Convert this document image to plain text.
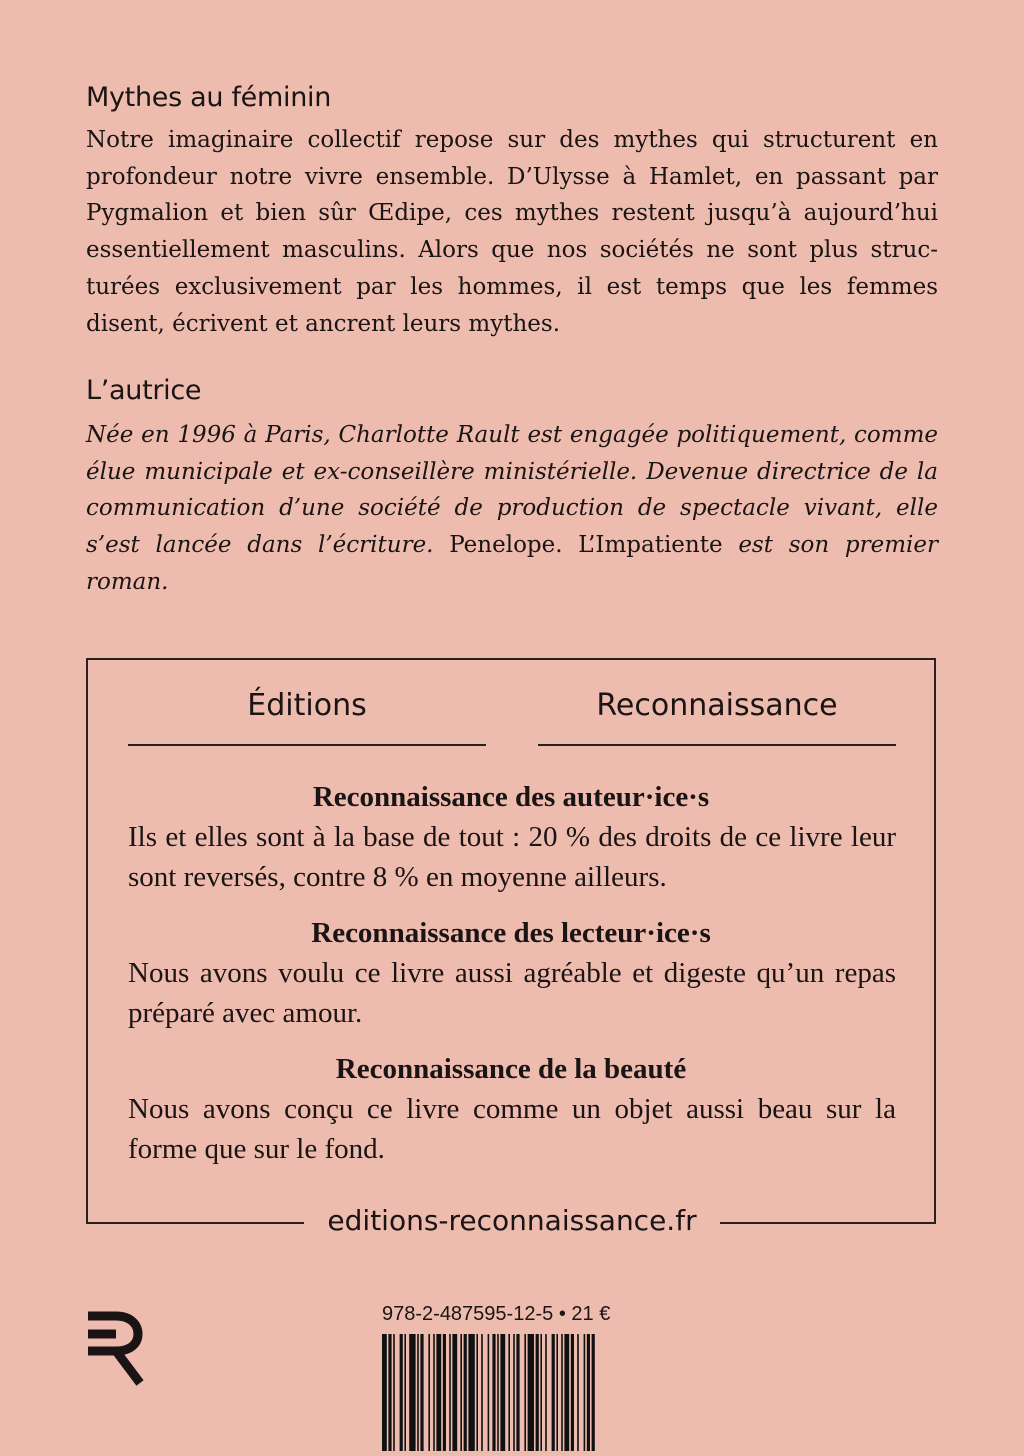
Mythes au féminin

Notre imaginaire collectif repose sur des mythes qui structurent en profondeur notre vivre ensemble. D’Ulysse à Hamlet, en passant par Pygmalion et bien sûr Œdipe, ces mythes restent jusqu’à aujourd’hui essentiellement masculins. Alors que nos sociétés ne sont plus structurées exclusivement par les hommes, il est temps que les femmes disent, écrivent et ancrent leurs mythes.

L’autrice

Née en 1996 à Paris, Charlotte Rault est engagée politiquement, comme élue municipale et ex-conseillère ministérielle. Devenue directrice de la communication d’une société de production de spectacle vivant, elle s’est lancée dans l’écriture. Penelope. L’Impatiente est son premier roman.

Éditions	Reconnaissance
Reconnaissance des auteur·ice·s

Ils et elles sont à la base de tout : 20 % des droits de ce livre leur sont reversés, contre 8 % en moyenne ailleurs.

Reconnaissance des lecteur·ice·s

Nous avons voulu ce livre aussi agréable et digeste qu’un repas préparé avec amour.

Reconnaissance de la beauté

Nous avons conçu ce livre comme un objet aussi beau sur la forme que sur le fond.

editions-reconnaissance.fr
978-2-487595-12-5 • 21 €
